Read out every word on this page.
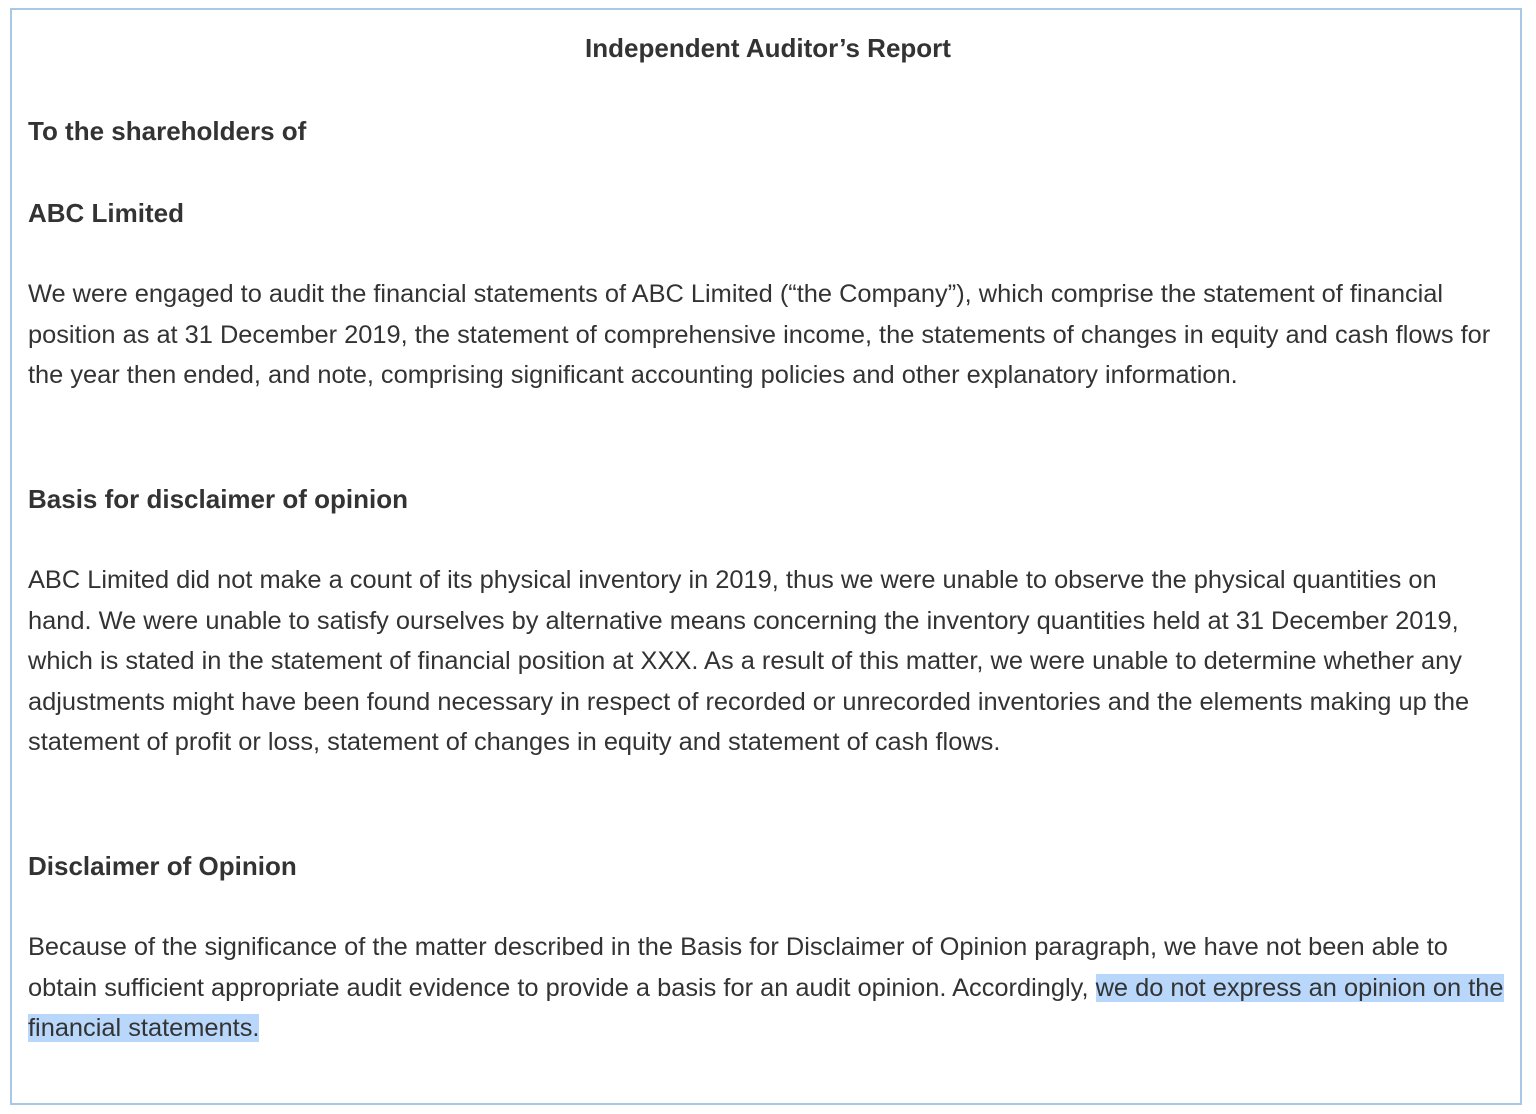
Independent Auditor’s Report
To the shareholders of
ABC Limited

We were engaged to audit the financial statements of ABC Limited (“the Company”), which comprise the statement of financial position as at 31 December 2019, the statement of comprehensive income, the statements of changes in equity and cash flows for the year then ended, and note, comprising significant accounting policies and other explanatory information.

Basis for disclaimer of opinion

ABC Limited did not make a count of its physical inventory in 2019, thus we were unable to observe the physical quantities on hand. We were unable to satisfy ourselves by alternative means concerning the inventory quantities held at 31 December 2019, which is stated in the statement of financial position at XXX. As a result of this matter, we were unable to determine whether any adjustments might have been found necessary in respect of recorded or unrecorded inventories and the elements making up the statement of profit or loss, statement of changes in equity and statement of cash flows.

Disclaimer of Opinion

Because of the significance of the matter described in the Basis for Disclaimer of Opinion paragraph, we have not been able to obtain sufficient appropriate audit evidence to provide a basis for an audit opinion. Accordingly, we do not express an opinion on the financial statements.
